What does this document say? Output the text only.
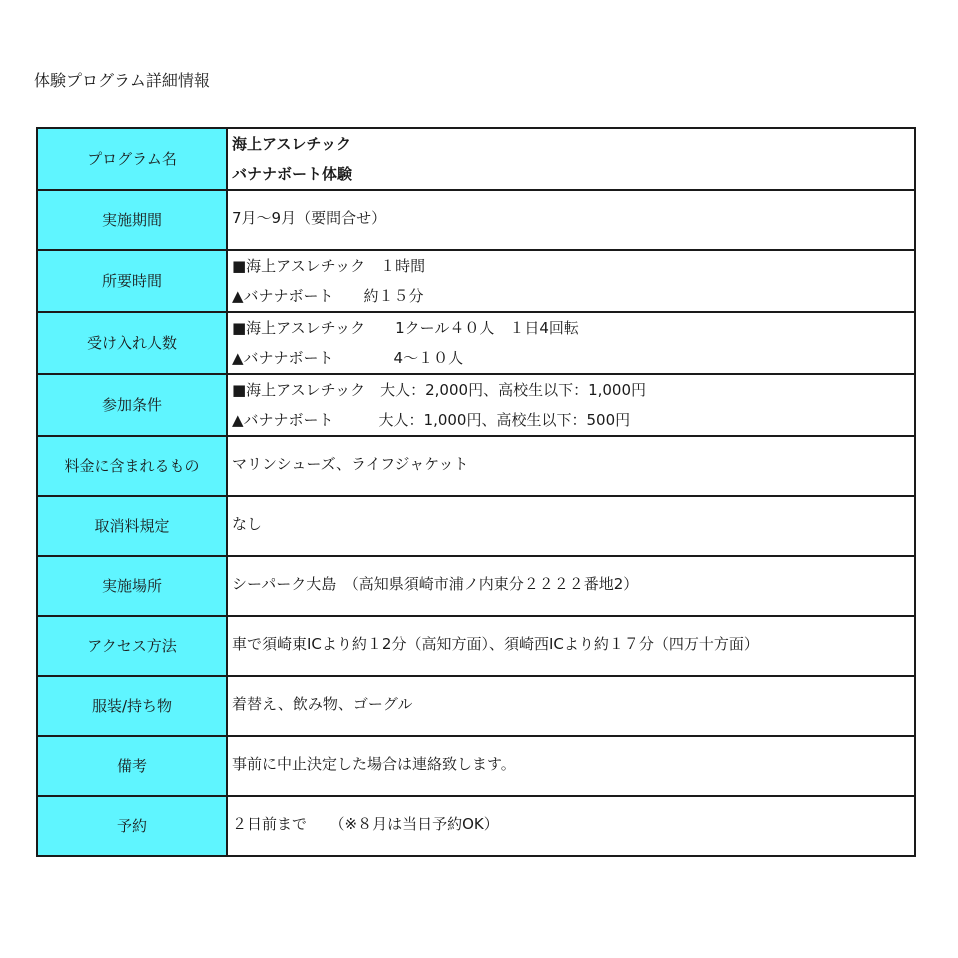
体験プログラム詳細情報
プログラム名	海上アスレチック
バナナボート体験

実施期間	7月〜9月（要問合せ）

所要時間	■海上アスレチック　１時間
▲バナナボート　　約１５分

受け入れ人数	■海上アスレチック　　1クール４０人　１日4回転
▲バナナボート　　　　4〜１０人

参加条件	■海上アスレチック　大人：2,000円、高校生以下：1,000円
▲バナナボート　　　大人：1,000円、高校生以下：500円

料金に含まれるもの	マリンシューズ、ライフジャケット

取消料規定	なし

実施場所	シーパーク大島　（高知県須崎市浦ノ内東分２２２２番地2）

アクセス方法	車で須崎東ICより約１2分（高知方面）、須崎西ICより約１７分（四万十方面）

服装/持ち物	着替え、飲み物、ゴーグル

備考	事前に中止決定した場合は連絡致します。

予約	２日前まで　　（※８月は当日予約OK）
